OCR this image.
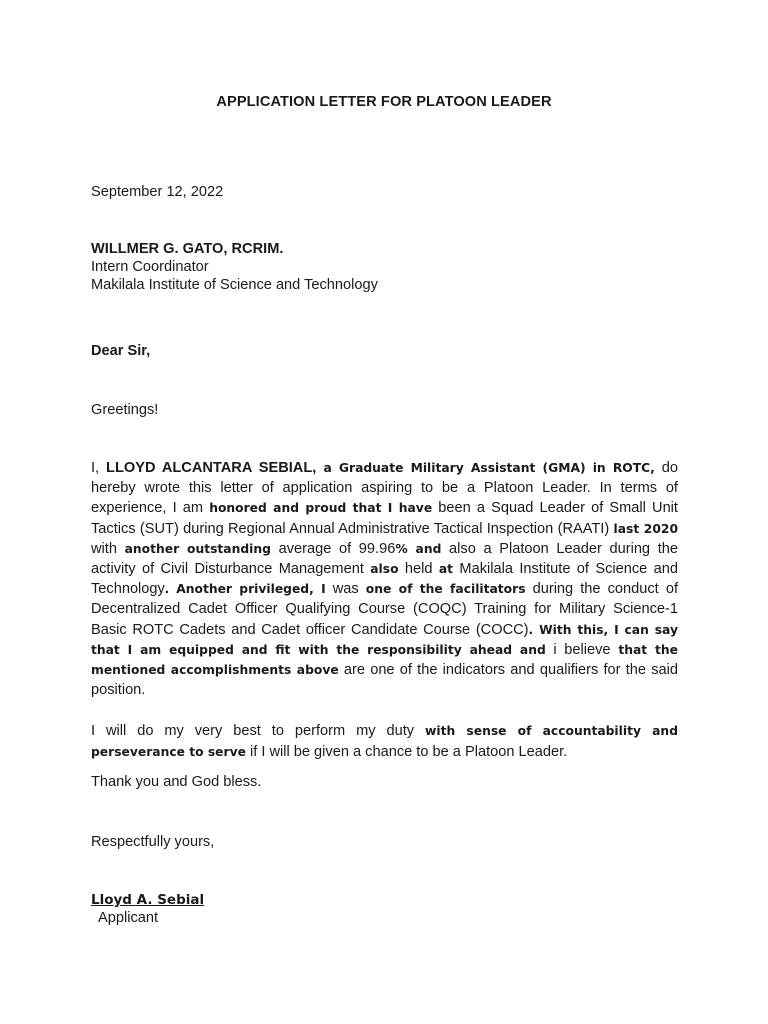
APPLICATION LETTER FOR PLATOON LEADER
September 12, 2022
WILLMER G. GATO, RCRIM.
Intern Coordinator
Makilala Institute of Science and Technology
Dear Sir,
Greetings!
I, LLOYD ALCANTARA SEBIAL, a Graduate Military Assistant (GMA) in ROTC, do hereby wrote this letter of application aspiring to be a Platoon Leader. In terms of experience, I am honored and proud that I have been a Squad Leader of Small Unit Tactics (SUT) during Regional Annual Administrative Tactical Inspection (RAATI) last 2020 with another outstanding average of 99.96% and also a Platoon Leader during the activity of Civil Disturbance Management also held at Makilala Institute of Science and Technology. Another privileged, I was one of the facilitators during the conduct of Decentralized Cadet Officer Qualifying Course (COQC) Training for Military Science-1 Basic ROTC Cadets and Cadet officer Candidate Course (COCC). With this, I can say that I am equipped and fit with the responsibility ahead and i believe that the mentioned accomplishments above are one of the indicators and qualifiers for the said position.
I will do my very best to perform my duty with sense of accountability and perseverance to serve if I will be given a chance to be a Platoon Leader.
Thank you and God bless.
Respectfully yours,
Lloyd A. Sebial
Applicant
